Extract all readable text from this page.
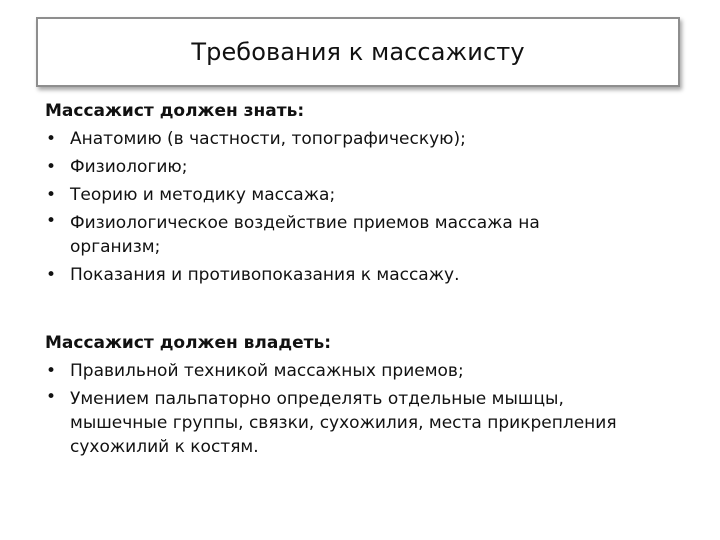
Требования к массажисту

Массажист должен знать:

• Анатомию (в частности, топографическую);
• Физиологию;
• Теорию и методику массажа;
• Физиологическое воздействие приемов массажа на организм;
• Показания и противопоказания к массажу.

Массажист должен владеть:

• Правильной техникой массажных приемов;
• Умением пальпаторно определять отдельные мышцы, мышечные группы, связки, сухожилия, места прикрепления сухожилий к костям.
